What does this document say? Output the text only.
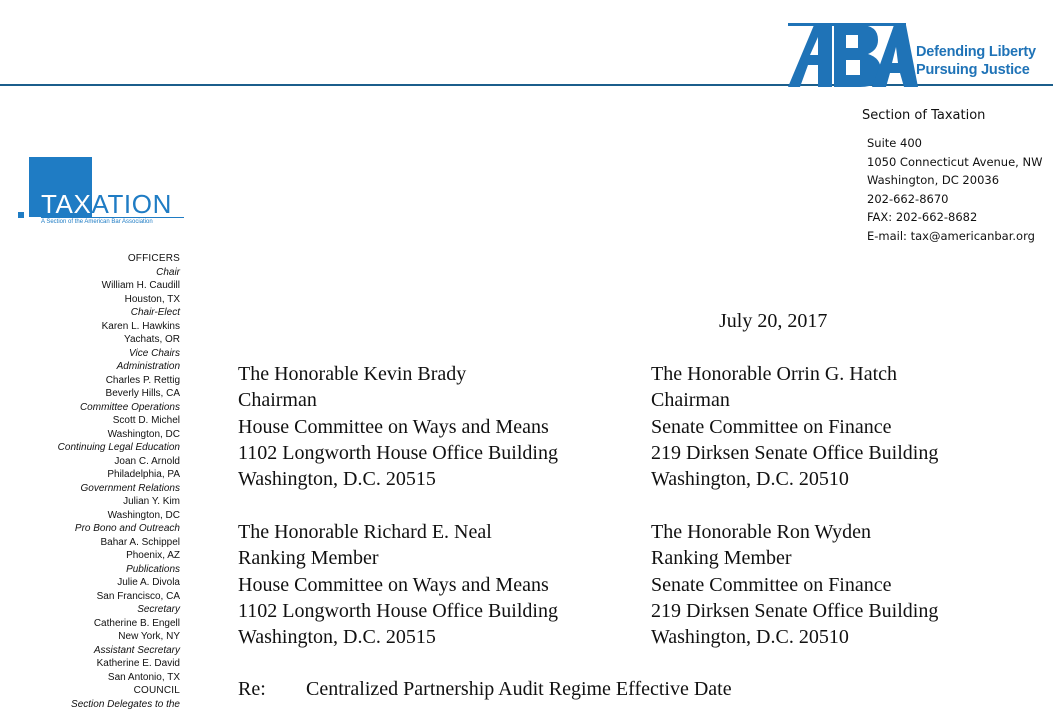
Defending Liberty
Pursuing Justice
Section of Taxation
Suite 400
1050 Connecticut Avenue, NW
Washington, DC 20036
202-662-8670
FAX: 202-662-8682
E-mail: tax@americanbar.org
TAXATION
A Section of the American Bar Association
OFFICERS
Chair
William H. Caudill
Houston, TX
Chair-Elect
Karen L. Hawkins
Yachats, OR
Vice Chairs
Administration
Charles P. Rettig
Beverly Hills, CA
Committee Operations
Scott D. Michel
Washington, DC
Continuing Legal Education
Joan C. Arnold
Philadelphia, PA
Government Relations
Julian Y. Kim
Washington, DC
Pro Bono and Outreach
Bahar A. Schippel
Phoenix, AZ
Publications
Julie A. Divola
San Francisco, CA
Secretary
Catherine B. Engell
New York, NY
Assistant Secretary
Katherine E. David
San Antonio, TX
COUNCIL
Section Delegates to the
July 20, 2017
The Honorable Kevin Brady
Chairman
House Committee on Ways and Means
1102 Longworth House Office Building
Washington, D.C. 20515
The Honorable Orrin G. Hatch
Chairman
Senate Committee on Finance
219 Dirksen Senate Office Building
Washington, D.C. 20510
The Honorable Richard E. Neal
Ranking Member
House Committee on Ways and Means
1102 Longworth House Office Building
Washington, D.C. 20515
The Honorable Ron Wyden
Ranking Member
Senate Committee on Finance
219 Dirksen Senate Office Building
Washington, D.C. 20510
Re: Centralized Partnership Audit Regime Effective Date
